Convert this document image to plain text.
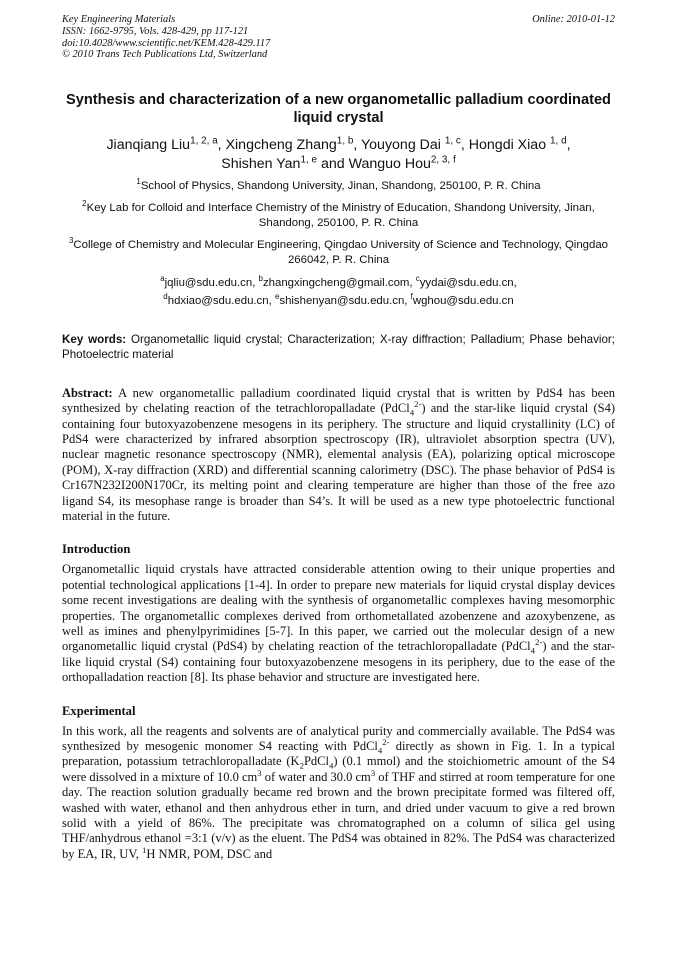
Key Engineering Materials
ISSN: 1662-9795, Vols. 428-429, pp 117-121
doi:10.4028/www.scientific.net/KEM.428-429.117
© 2010 Trans Tech Publications Ltd, Switzerland
Online: 2010-01-12
Synthesis and characterization of a new organometallic palladium coordinated liquid crystal
Jianqiang Liu$^{1, 2, a}$, Xingcheng Zhang$^{1, b}$, Youyong Dai $^{1, c}$, Hongdi Xiao $^{1, d}$,
Shishen Yan$^{1, e}$ and Wanguo Hou$^{2, 3, f}$
$^1$School of Physics, Shandong University, Jinan, Shandong, 250100, P. R. China
$^2$Key Lab for Colloid and Interface Chemistry of the Ministry of Education, Shandong University, Jinan, Shandong, 250100, P. R. China
$^3$College of Chemistry and Molecular Engineering, Qingdao University of Science and Technology, Qingdao 266042, P. R. China
$^a$jqliu@sdu.edu.cn, $^b$zhangxingcheng@gmail.com, $^c$yydai@sdu.edu.cn,
$^d$hdxiao@sdu.edu.cn, $^e$shishenyan@sdu.edu.cn, $^f$wghou@sdu.edu.cn
Key words: Organometallic liquid crystal; Characterization; X-ray diffraction; Palladium; Phase behavior; Photoelectric material
Abstract: A new organometallic palladium coordinated liquid crystal that is written by PdS4 has been synthesized by chelating reaction of the tetrachloropalladate (PdCl$_4^{2-}$) and the star-like liquid crystal (S4) containing four butoxyazobenzene mesogens in its periphery. The structure and liquid crystallinity (LC) of PdS4 were characterized by infrared absorption spectroscopy (IR), ultraviolet absorption spectra (UV), nuclear magnetic resonance spectroscopy (NMR), elemental analysis (EA), polarizing optical microscope (POM), X-ray diffraction (XRD) and differential scanning calorimetry (DSC). The phase behavior of PdS4 is Cr167N232I200N170Cr, its melting point and clearing temperature are higher than those of the free azo ligand S4, its mesophase range is broader than S4’s. It will be used as a new type photoelectric functional material in the future.
Introduction
Organometallic liquid crystals have attracted considerable attention owing to their unique properties and potential technological applications [1-4]. In order to prepare new materials for liquid crystal display devices some recent investigations are dealing with the synthesis of organometallic complexes having mesomorphic properties. The organometallic complexes derived from orthometallated azobenzene and azoxybenzene, as well as imines and phenylpyrimidines [5-7]. In this paper, we carried out the molecular design of a new organometallic liquid crystal (PdS4) by chelating reaction of the tetrachloropalladate (PdCl$_4^{2-}$) and the star-like liquid crystal (S4) containing four butoxyazobenzene mesogens in its periphery, due to the ease of the orthopalladation reaction [8]. Its phase behavior and structure are investigated here.
Experimental
In this work, all the reagents and solvents are of analytical purity and commercially available. The PdS4 was synthesized by mesogenic monomer S4 reacting with PdCl$_4^{2-}$ directly as shown in Fig. 1. In a typical preparation, potassium tetrachloropalladate $(K_2PdCl_4)$ (0.1 mmol) and the stoichiometric amount of the S4 were dissolved in a mixture of 10.0 $cm^3$ of water and 30.0 $cm^3$ of THF and stirred at room temperature for one day. The reaction solution gradually became red brown and the brown precipitate formed was filtered off, washed with water, ethanol and then anhydrous ether in turn, and dried under vacuum to give a red brown solid with a yield of 86%. The precipitate was chromatographed on a column of silica gel using THF/anhydrous ethanol =3:1 (v/v) as the eluent. The PdS4 was obtained in 82%. The PdS4 was characterized by EA, IR, UV, $^1$H NMR, POM, DSC and
